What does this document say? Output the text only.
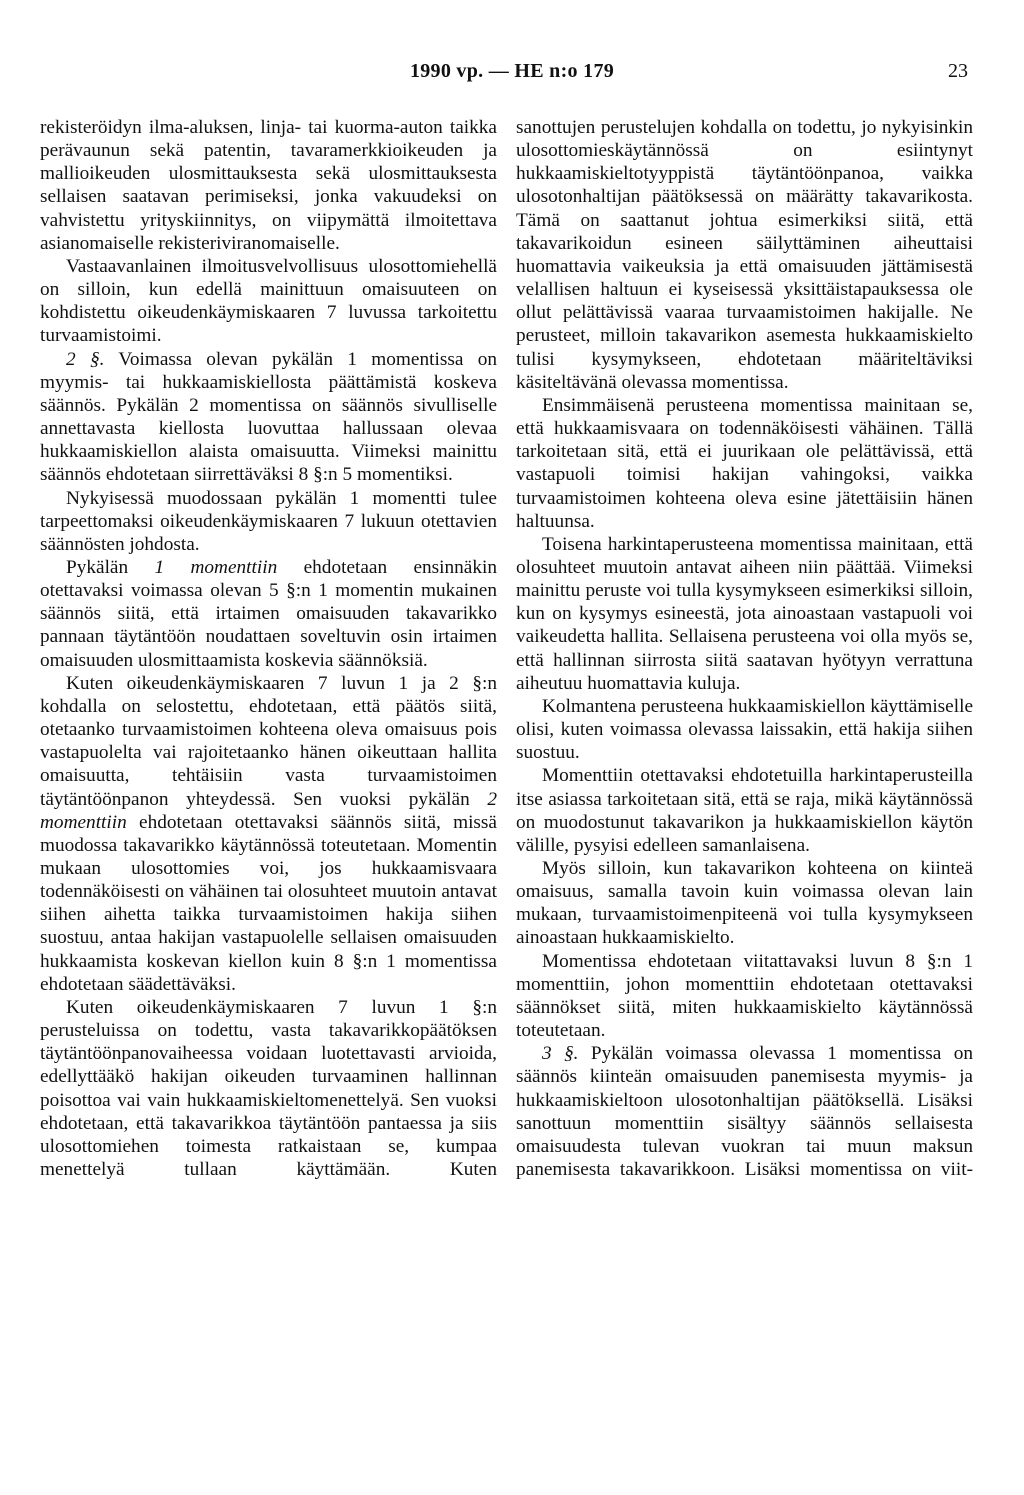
1990 vp. — HE n:o 179	23

rekisteröidyn ilma-aluksen, linja- tai kuorma-auton taikka perävaunun sekä patentin, tavaramerkkioikeuden ja mallioikeuden ulosmittauksesta sekä ulosmittauksesta sellaisen saatavan perimiseksi, jonka vakuudeksi on vahvistettu yrityskiinnitys, on viipymättä ilmoitettava asianomaiselle rekisteriviranomaiselle.

Vastaavanlainen ilmoitusvelvollisuus ulosottomiehellä on silloin, kun edellä mainittuun omaisuuteen on kohdistettu oikeudenkäymiskaaren 7 luvussa tarkoitettu turvaamistoimi.

2 §. Voimassa olevan pykälän 1 momentissa on myymis- tai hukkaamiskiellosta päättämistä koskeva säännös. Pykälän 2 momentissa on säännös sivulliselle annettavasta kiellosta luovuttaa hallussaan olevaa hukkaamiskiellon alaista omaisuutta. Viimeksi mainittu säännös ehdotetaan siirrettäväksi 8 §:n 5 momentiksi.

Nykyisessä muodossaan pykälän 1 momentti tulee tarpeettomaksi oikeudenkäymiskaaren 7 lukuun otettavien säännösten johdosta.

Pykälän 1 momenttiin ehdotetaan ensinnäkin otettavaksi voimassa olevan 5 §:n 1 momentin mukainen säännös siitä, että irtaimen omaisuuden takavarikko pannaan täytäntöön noudattaen soveltuvin osin irtaimen omaisuuden ulosmittaamista koskevia säännöksiä.

Kuten oikeudenkäymiskaaren 7 luvun 1 ja 2 §:n kohdalla on selostettu, ehdotetaan, että päätös siitä, otetaanko turvaamistoimen kohteena oleva omaisuus pois vastapuolelta vai rajoitetaanko hänen oikeuttaan hallita omaisuutta, tehtäisiin vasta turvaamistoimen täytäntöönpanon yhteydessä. Sen vuoksi pykälän 2 momenttiin ehdotetaan otettavaksi säännös siitä, missä muodossa takavarikko käytännössä toteutetaan. Momentin mukaan ulosottomies voi, jos hukkaamisvaara todennäköisesti on vähäinen tai olosuhteet muutoin antavat siihen aihetta taikka turvaamistoimen hakija siihen suostuu, antaa hakijan vastapuolelle sellaisen omaisuuden hukkaamista koskevan kiellon kuin 8 §:n 1 momentissa ehdotetaan säädettäväksi.

Kuten oikeudenkäymiskaaren 7 luvun 1 §:n perusteluissa on todettu, vasta takavarikkopäätöksen täytäntöönpanovaiheessa voidaan luotettavasti arvioida, edellyttääkö hakijan oikeuden turvaaminen hallinnan poisottoa vai vain hukkaamiskieltomenettelyä. Sen vuoksi ehdotetaan, että takavarikkoa täytäntöön pantaessa ja siis ulosottomiehen toimesta ratkaistaan se, kumpaa menettelyä tullaan käyttämään. Kuten

sanottujen perustelujen kohdalla on todettu, jo nykyisinkin ulosottomieskäytännössä on esiintynyt hukkaamiskieltotyyppistä täytäntöönpanoa, vaikka ulosotonhaltijan päätöksessä on määrätty takavarikosta. Tämä on saattanut johtua esimerkiksi siitä, että takavarikoidun esineen säilyttäminen aiheuttaisi huomattavia vaikeuksia ja että omaisuuden jättämisestä velallisen haltuun ei kyseisessä yksittäistapauksessa ole ollut pelättävissä vaaraa turvaamistoimen hakijalle. Ne perusteet, milloin takavarikon asemesta hukkaamiskielto tulisi kysymykseen, ehdotetaan määriteltäviksi käsiteltävänä olevassa momentissa.

Ensimmäisenä perusteena momentissa mainitaan se, että hukkaamisvaara on todennäköisesti vähäinen. Tällä tarkoitetaan sitä, että ei juurikaan ole pelättävissä, että vastapuoli toimisi hakijan vahingoksi, vaikka turvaamistoimen kohteena oleva esine jätettäisiin hänen haltuunsa.

Toisena harkintaperusteena momentissa mainitaan, että olosuhteet muutoin antavat aiheen niin päättää. Viimeksi mainittu peruste voi tulla kysymykseen esimerkiksi silloin, kun on kysymys esineestä, jota ainoastaan vastapuoli voi vaikeudetta hallita. Sellaisena perusteena voi olla myös se, että hallinnan siirrosta siitä saatavan hyötyyn verrattuna aiheutuu huomattavia kuluja.

Kolmantena perusteena hukkaamiskiellon käyttämiselle olisi, kuten voimassa olevassa laissakin, että hakija siihen suostuu.

Momenttiin otettavaksi ehdotetuilla harkintaperusteilla itse asiassa tarkoitetaan sitä, että se raja, mikä käytännössä on muodostunut takavarikon ja hukkaamiskiellon käytön välille, pysyisi edelleen samanlaisena.

Myös silloin, kun takavarikon kohteena on kiinteä omaisuus, samalla tavoin kuin voimassa olevan lain mukaan, turvaamistoimenpiteenä voi tulla kysymykseen ainoastaan hukkaamiskielto.

Momentissa ehdotetaan viitattavaksi luvun 8 §:n 1 momenttiin, johon momenttiin ehdotetaan otettavaksi säännökset siitä, miten hukkaamiskielto käytännössä toteutetaan.

3 §. Pykälän voimassa olevassa 1 momentissa on säännös kiinteän omaisuuden panemisesta myymis- ja hukkaamiskieltoon ulosotonhaltijan päätöksellä. Lisäksi sanottuun momenttiin sisältyy säännös sellaisesta omaisuudesta tulevan vuokran tai muun maksun panemisesta takavarikkoon. Lisäksi momentissa on viit-
